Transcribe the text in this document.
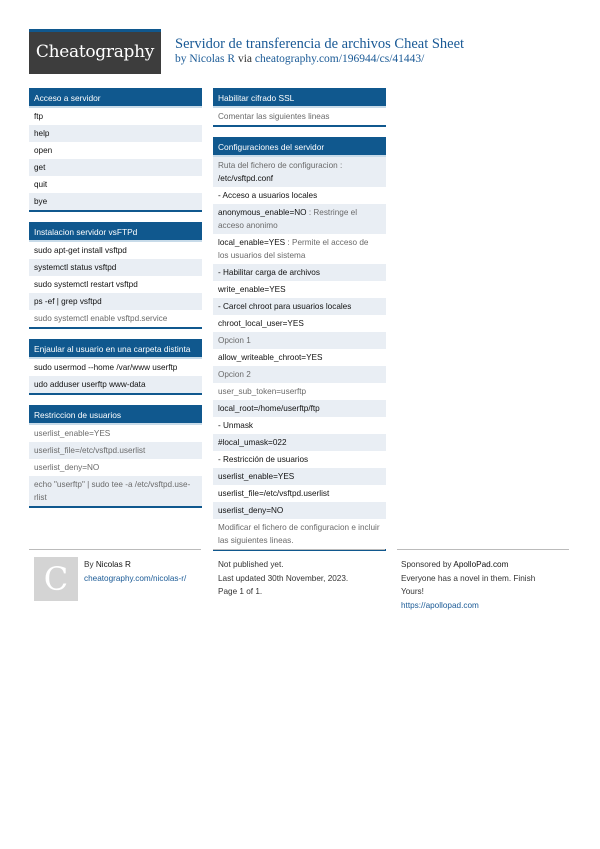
Cheatography	Servidor de transferencia de archivos Cheat Sheet
by Nicolas R via cheatography.com/196944/cs/41443/
Acceso a servidor
ftp
help
open
get
quit
bye
Instalacion servidor vsFTPd
sudo apt-get install vsftpd
systemctl status vsftpd
sudo systemctl restart vsftpd
ps -ef | grep vsftpd
sudo systemctl enable vsftpd.service
Enjaular al usuario en una carpeta distinta
sudo usermod --home /var/www userftp
udo adduser userftp www-data
Restriccion de usuarios
userlist_enable=YES
userlist_file=/etc/vsftpd.userlist
userlist_deny=NO
echo "userftp" | sudo tee -a /etc/vsftpd.use-rlist
Habilitar cifrado SSL
Comentar las siguientes lineas
Configuraciones del servidor
Ruta del fichero de configuracion : /etc/vsftpd.conf
- Acceso a usuarios locales
anonymous_enable=NO : Restringe el acceso anonimo
local_enable=YES : Permite el acceso de los usuarios del sistema
- Habilitar carga de archivos
write_enable=YES
- Carcel chroot para usuarios locales
chroot_local_user=YES
Opcion 1
allow_writeable_chroot=YES
Opcion 2
user_sub_token=userftp
local_root=/home/userftp/ftp
- Unmask
#local_umask=022
- Restricción de usuarios
userlist_enable=YES
userlist_file=/etc/vsftpd.userlist
userlist_deny=NO
Modificar el fichero de configuracion e incluir las siguientes lineas.
C	By Nicolas R
cheatography.com/nicolas-r/
Not published yet.
Last updated 30th November, 2023.
Page 1 of 1.
Sponsored by ApolloPad.com
Everyone has a novel in them. Finish
Yours!
https://apollopad.com
